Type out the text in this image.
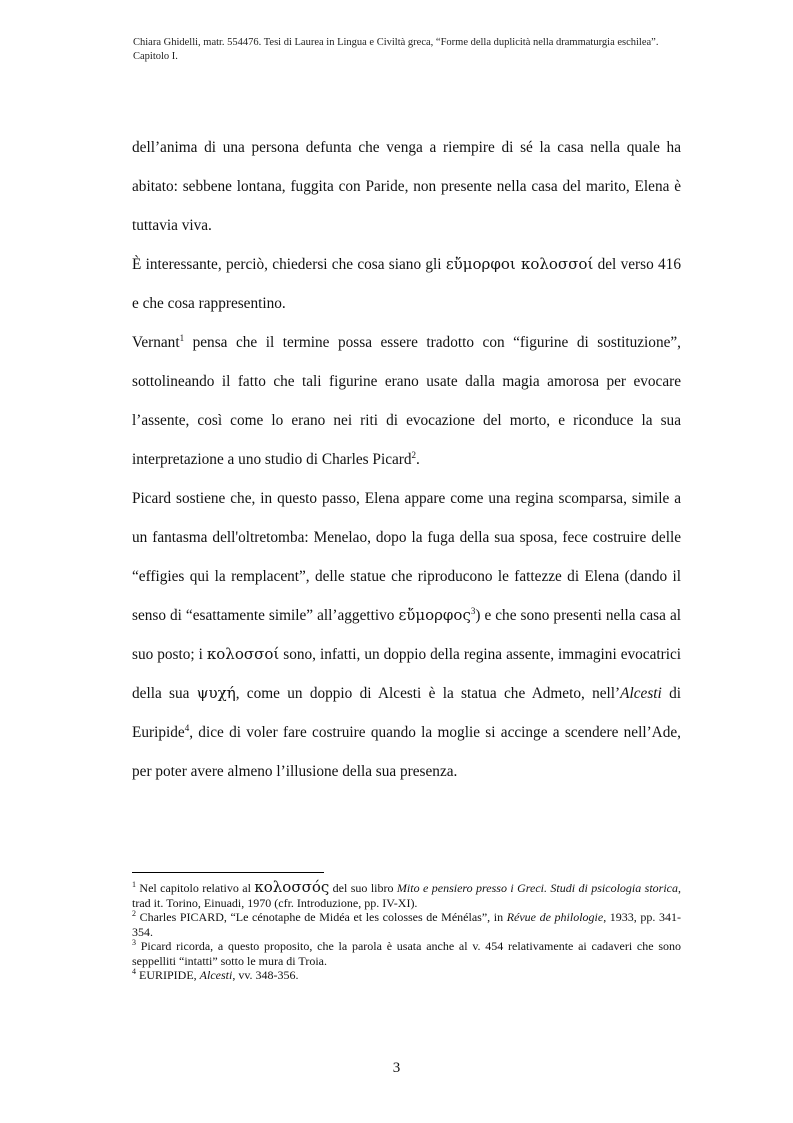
Chiara Ghidelli, matr. 554476. Tesi di Laurea in Lingua e Civiltà greca, “Forme della duplicità nella drammaturgia eschilea”.
Capitolo I.

dell’anima di una persona defunta che venga a riempire di sé la casa nella quale ha abitato: sebbene lontana, fuggita con Paride, non presente nella casa del marito, Elena è tuttavia viva.

È interessante, perciò, chiedersi che cosa siano gli εὔμορφοι κολοσσοί del verso 416 e che cosa rappresentino.

Vernant$^1$ pensa che il termine possa essere tradotto con “figurine di sostituzione”, sottolineando il fatto che tali figurine erano usate dalla magia amorosa per evocare l’assente, così come lo erano nei riti di evocazione del morto, e riconduce la sua interpretazione a uno studio di Charles Picard$^2$.

Picard sostiene che, in questo passo, Elena appare come una regina scomparsa, simile a un fantasma dell'oltretomba: Menelao, dopo la fuga della sua sposa, fece costruire delle “effigies qui la remplacent”, delle statue che riproducono le fattezze di Elena (dando il senso di “esattamente simile” all’aggettivo εὔμορφος$^3$) e che sono presenti nella casa al suo posto; i κολοσσοί sono, infatti, un doppio della regina assente, immagini evocatrici della sua ψυχή, come un doppio di Alcesti è la statua che Admeto, nell’Alcesti di Euripide$^4$, dice di voler fare costruire quando la moglie si accinge a scendere nell’Ade, per poter avere almeno l’illusione della sua presenza.

$^1$ Nel capitolo relativo al κολοσσός del suo libro Mito e pensiero presso i Greci. Studi di psicologia storica, trad it. Torino, Einuadi, 1970 (cfr. Introduzione, pp. IV-XI).

$^2$ Charles PICARD, “Le cénotaphe de Midéa et les colosses de Ménélas”, in Révue de philologie, 1933, pp. 341-354.

$^3$ Picard ricorda, a questo proposito, che la parola è usata anche al v. 454 relativamente ai cadaveri che sono seppelliti “intatti” sotto le mura di Troia.

$^4$ EURIPIDE, Alcesti, vv. 348-356.

3
